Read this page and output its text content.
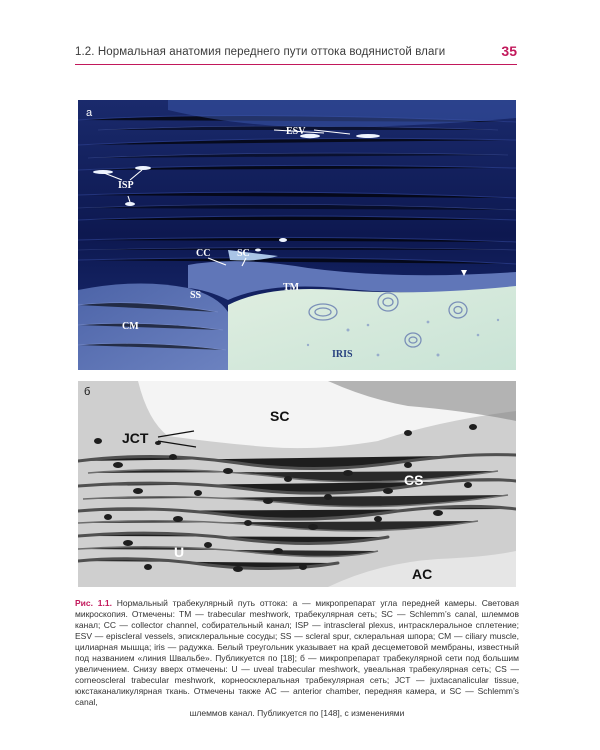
1.2. Нормальная анатомия переднего пути оттока водянистой влаги	35
а
ESV
ISP
CC	SC
SS
TM
CM
IRIS
б
SC
JCT
CS
U
AC
Рис. 1.1. Нормальный трабекулярный путь оттока: а — микропрепарат угла передней камеры. Световая микроскопия. Отмечены: TM — trabecular meshwork, трабекулярная сеть; SC — Schlemm’s canal, шлеммов канал; CC — collector channel, собирательный канал; ISP — intrascleral plexus, интрасклеральное сплетение; ESV — episcleral vessels, эписклеральные сосуды; SS — scleral spur, склеральная шпора; CM — ciliary muscle, цилиарная мышца; iris — радужка. Белый треугольник указывает на край десцеметовой мембраны, известный под названием «линия Швальбе». Публикуется по [18]; б — микропрепарат трабекулярной сети под большим увеличением. Снизу вверх отмечены: U — uveal trabecular meshwork, увеальная трабекулярная сеть; CS — corneoscleral trabecular meshwork, корнеосклеральная трабекулярная сеть; JCT — juxtacanalicular tissue, юкстаканаликулярная ткань. Отмечены также AC — anterior chamber, передняя камера, и SC — Schlemm’s canal,
шлеммов канал. Публикуется по [148], с изменениями
